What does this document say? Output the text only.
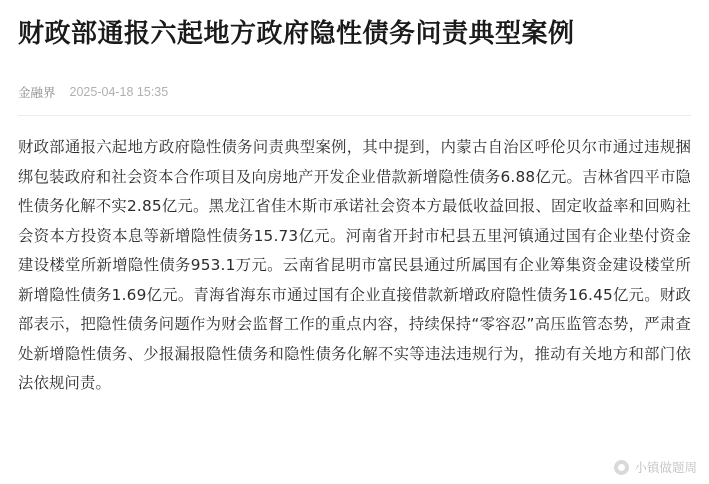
财政部通报六起地方政府隐性债务问责典型案例
金融界 2025-04-18 15:35

财政部通报六起地方政府隐性债务问责典型案例，其中提到，内蒙古自治区呼伦贝尔市通过违规捆绑包装政府和社会资本合作项目及向房地产开发企业借款新增隐性债务6.88亿元。吉林省四平市隐性债务化解不实2.85亿元。黑龙江省佳木斯市承诺社会资本方最低收益回报、固定收益率和回购社会资本方投资本息等新增隐性债务15.73亿元。河南省开封市杞县五里河镇通过国有企业垫付资金建设楼堂所新增隐性债务953.1万元。云南省昆明市富民县通过所属国有企业筹集资金建设楼堂所新增隐性债务1.69亿元。青海省海东市通过国有企业直接借款新增政府隐性债务16.45亿元。财政部表示，把隐性债务问题作为财会监督工作的重点内容，持续保持“零容忍”高压监管态势，严肃查处新增隐性债务、少报漏报隐性债务和隐性债务化解不实等违法违规行为，推动有关地方和部门依法依规问责。

小镇做题周
